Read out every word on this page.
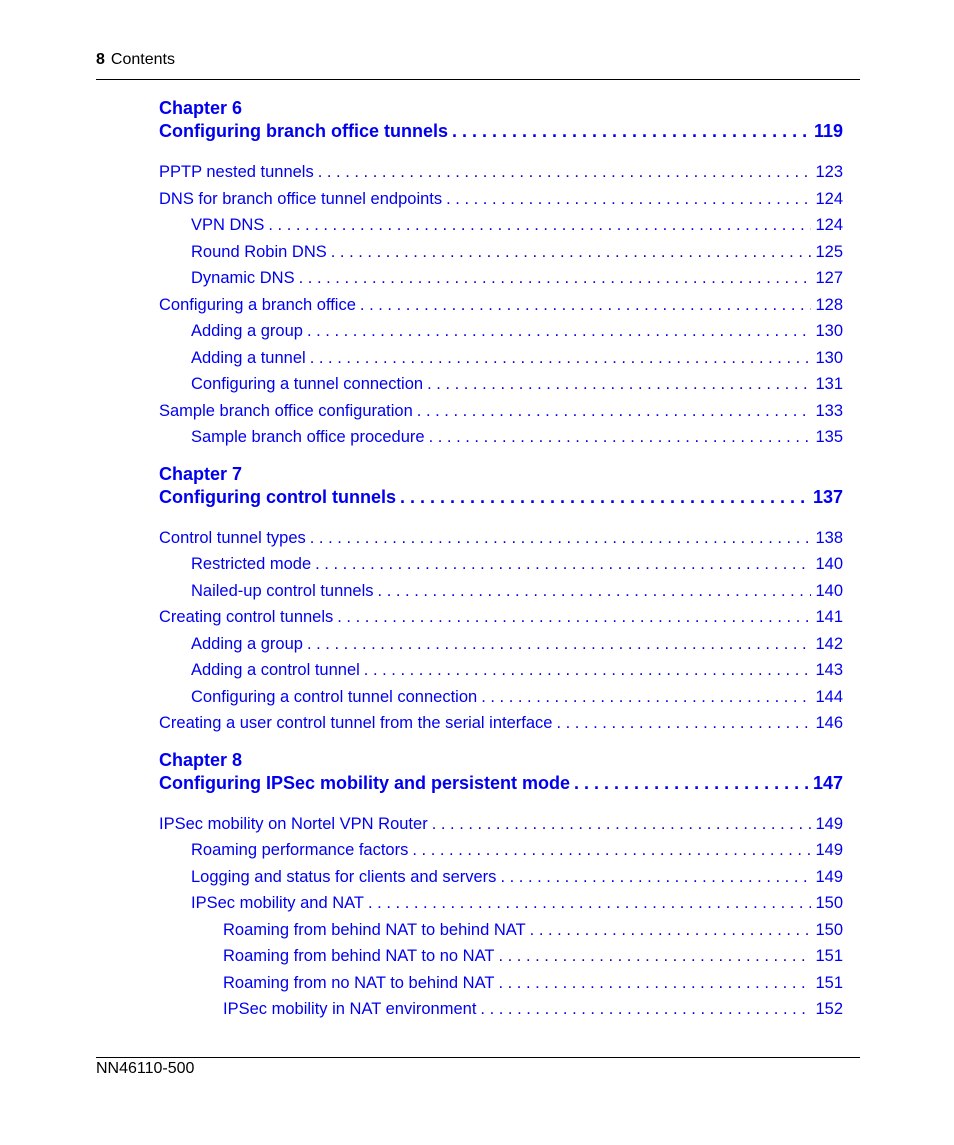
8 Contents
Chapter 6
Configuring branch office tunnels . . .	119
PPTP nested tunnels . . .	123
DNS for branch office tunnel endpoints . . .	124
VPN DNS . . .	124
Round Robin DNS . . .	125
Dynamic DNS . . .	127
Configuring a branch office . . .	128
Adding a group . . .	130
Adding a tunnel . . .	130
Configuring a tunnel connection . . .	131
Sample branch office configuration . . .	133
Sample branch office procedure . . .	135
Chapter 7
Configuring control tunnels . . .	137
Control tunnel types . . .	138
Restricted mode . . .	140
Nailed-up control tunnels . . .	140
Creating control tunnels . . .	141
Adding a group . . .	142
Adding a control tunnel . . .	143
Configuring a control tunnel connection . . .	144
Creating a user control tunnel from the serial interface . . .	146
Chapter 8
Configuring IPSec mobility and persistent mode . . .	147
IPSec mobility on Nortel VPN Router . . .	149
Roaming performance factors . . .	149
Logging and status for clients and servers . . .	149
IPSec mobility and NAT . . .	150
Roaming from behind NAT to behind NAT . . .	150
Roaming from behind NAT to no NAT . . .	151
Roaming from no NAT to behind NAT . . .	151
IPSec mobility in NAT environment . . .	152
NN46110-500
